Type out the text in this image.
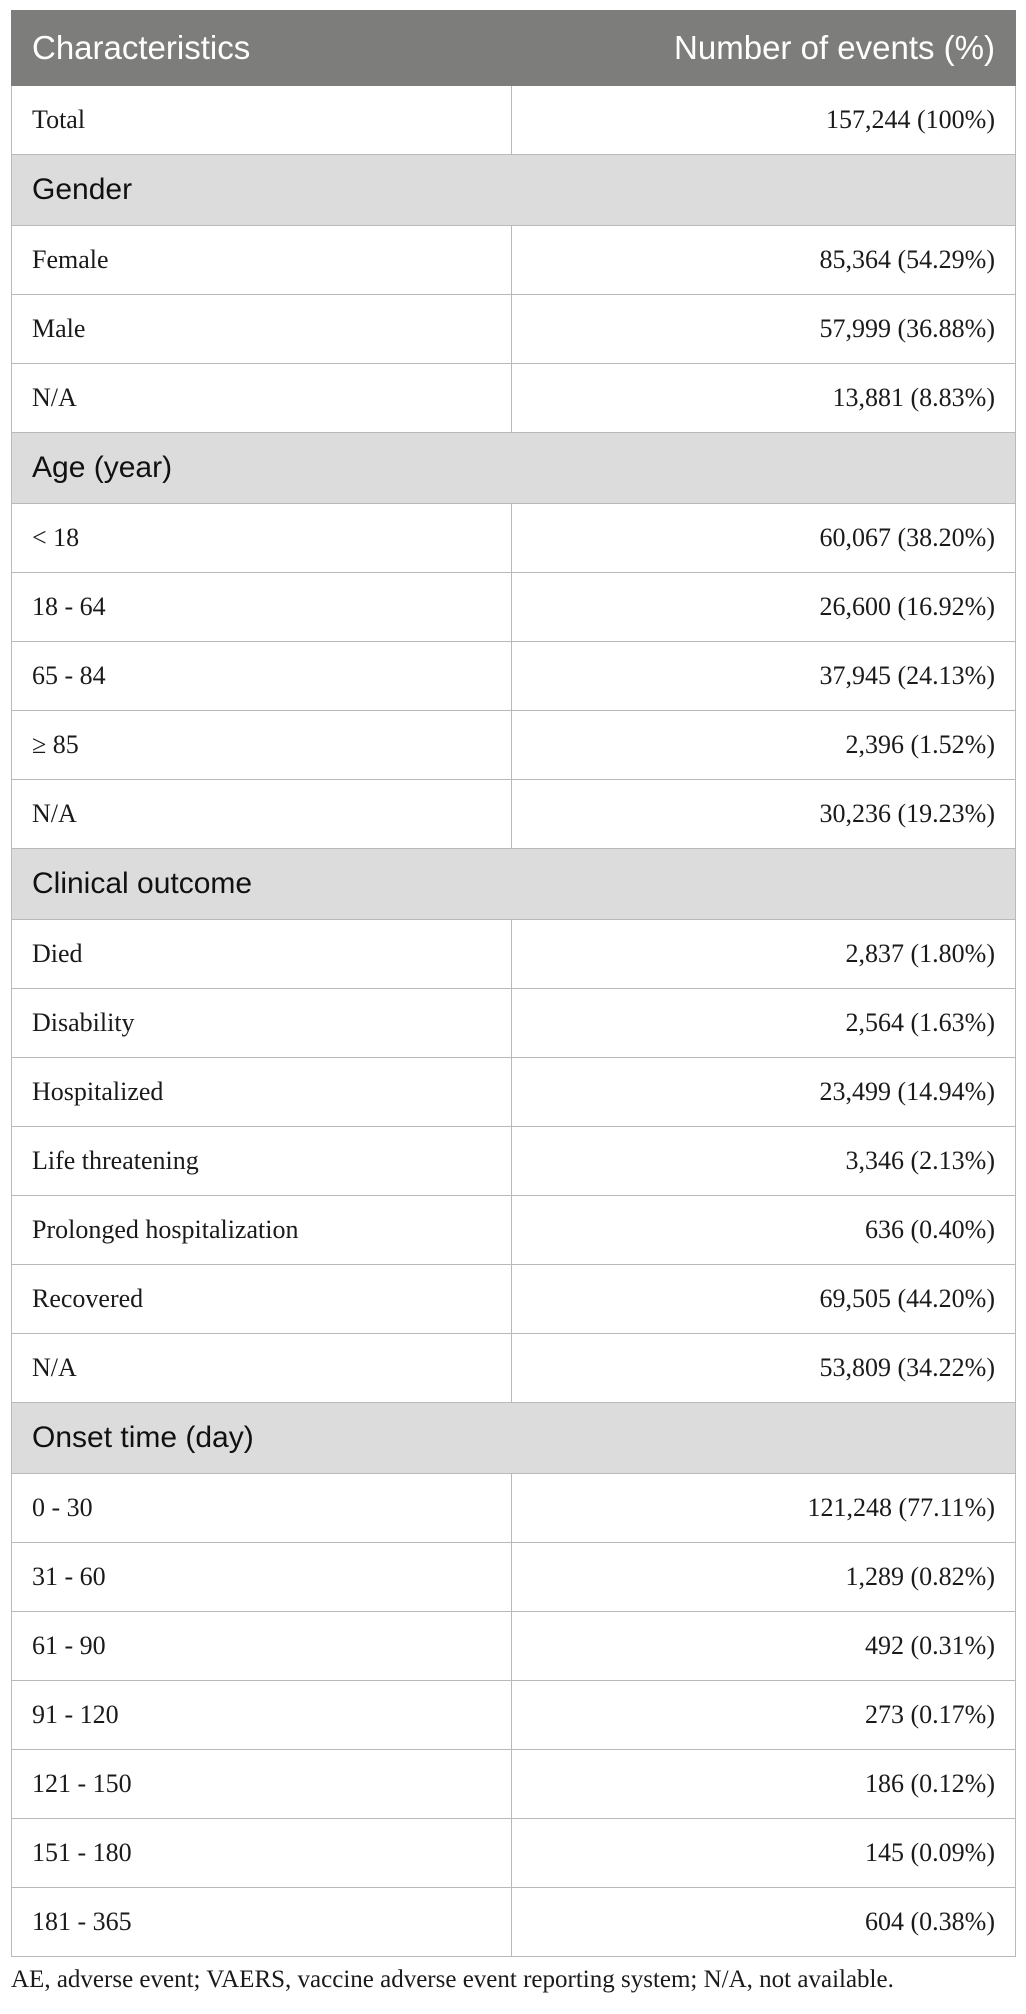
Characteristics	Number of events (%)
Total	157,244 (100%)
Gender	
Female	85,364 (54.29%)
Male	57,999 (36.88%)
N/A	13,881 (8.83%)
Age (year)	
< 18	60,067 (38.20%)
18 - 64	26,600 (16.92%)
65 - 84	37,945 (24.13%)
≥ 85	2,396 (1.52%)
N/A	30,236 (19.23%)
Clinical outcome	
Died	2,837 (1.80%)
Disability	2,564 (1.63%)
Hospitalized	23,499 (14.94%)
Life threatening	3,346 (2.13%)
Prolonged hospitalization	636 (0.40%)
Recovered	69,505 (44.20%)
N/A	53,809 (34.22%)
Onset time (day)	
0 - 30	121,248 (77.11%)
31 - 60	1,289 (0.82%)
61 - 90	492 (0.31%)
91 - 120	273 (0.17%)
121 - 150	186 (0.12%)
151 - 180	145 (0.09%)
181 - 365	604 (0.38%)
AE, adverse event; VAERS, vaccine adverse event reporting system; N/A, not available.
